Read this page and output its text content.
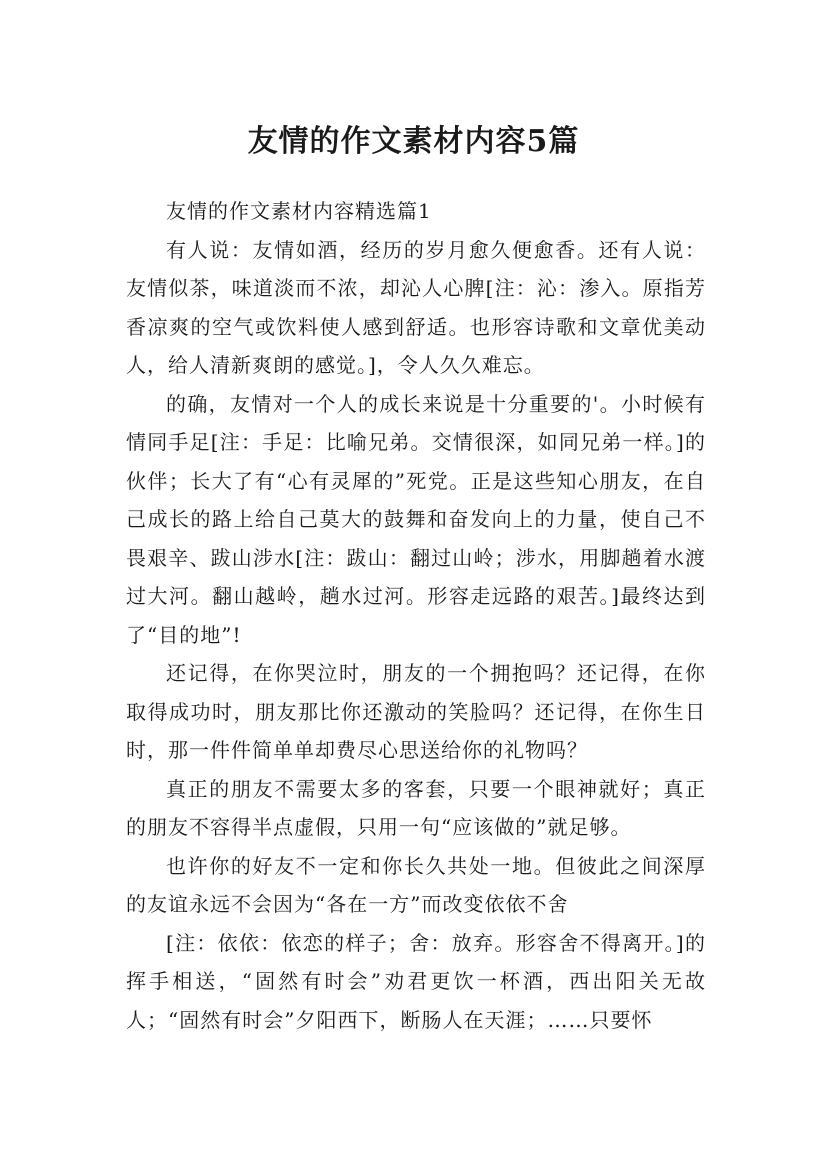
友情的作文素材内容5篇

友情的作文素材内容精选篇1

有人说：友情如酒，经历的岁月愈久便愈香。还有人说：友情似茶，味道淡而不浓，却沁人心脾[注：沁：渗入。原指芳香凉爽的空气或饮料使人感到舒适。也形容诗歌和文章优美动人，给人清新爽朗的感觉。]，令人久久难忘。

的确，友情对一个人的成长来说是十分重要的'。小时候有情同手足[注：手足：比喻兄弟。交情很深，如同兄弟一样。]的伙伴；长大了有“心有灵犀的”死党。正是这些知心朋友，在自己成长的路上给自己莫大的鼓舞和奋发向上的力量，使自己不畏艰辛、跋山涉水[注：跋山：翻过山岭；涉水，用脚趟着水渡过大河。翻山越岭，趟水过河。形容走远路的艰苦。]最终达到了“目的地”!

还记得，在你哭泣时，朋友的一个拥抱吗？还记得，在你取得成功时，朋友那比你还激动的笑脸吗？还记得，在你生日时，那一件件简单单却费尽心思送给你的礼物吗？

真正的朋友不需要太多的客套，只要一个眼神就好；真正的朋友不容得半点虚假，只用一句“应该做的”就足够。

也许你的好友不一定和你长久共处一地。但彼此之间深厚的友谊永远不会因为“各在一方”而改变依依不舍

[注：依依：依恋的样子；舍：放弃。形容舍不得离开。]的挥手相送，“固然有时会”劝君更饮一杯酒，西出阳关无故人；“固然有时会”夕阳西下，断肠人在天涯；……只要怀
